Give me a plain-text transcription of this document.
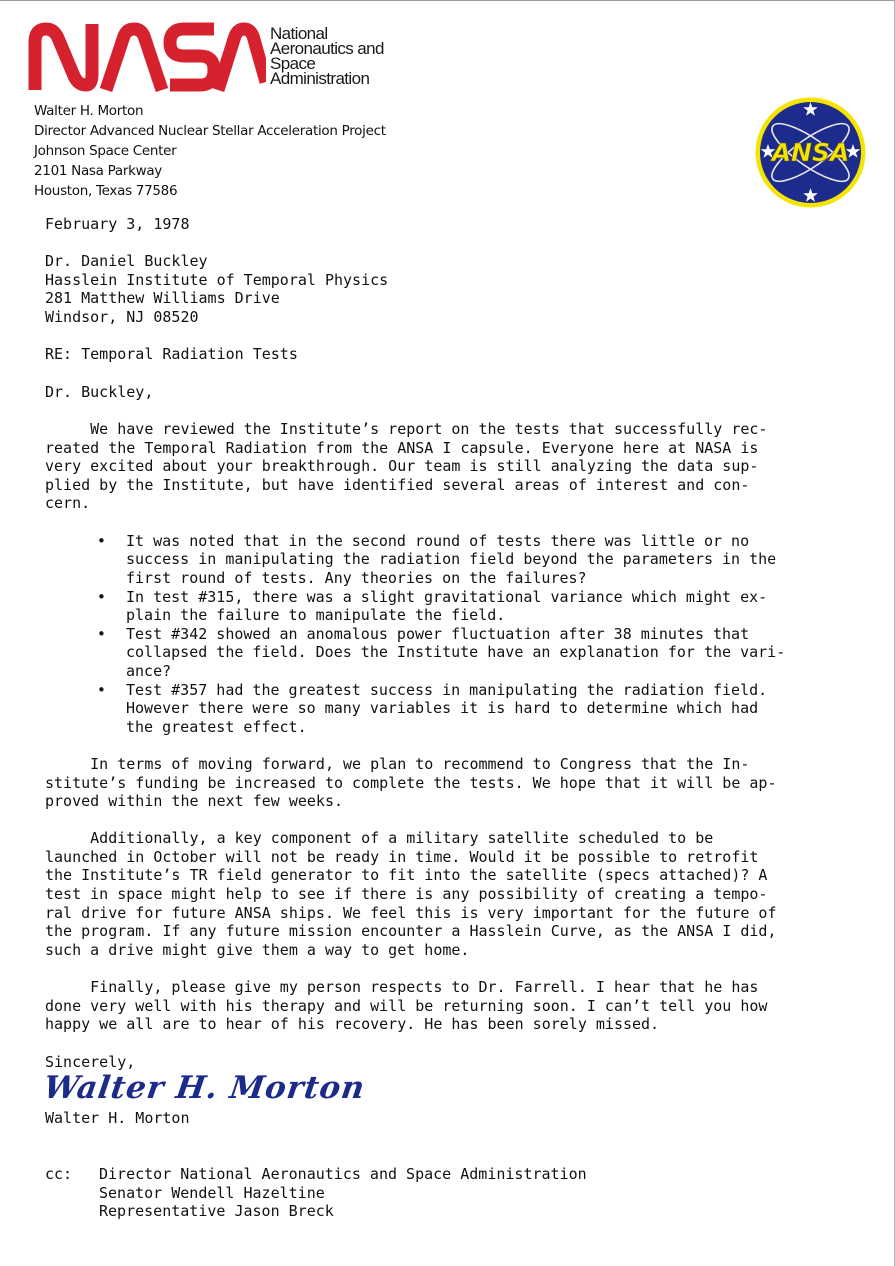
National
Aeronautics and
Space
Administration
Walter H. Morton
Director Advanced Nuclear Stellar Acceleration Project
Johnson Space Center
2101 Nasa Parkway
Houston, Texas 77586
ANSA
February 3, 1978
Dr. Daniel Buckley
Hasslein Institute of Temporal Physics
281 Matthew Williams Drive
Windsor, NJ 08520
RE: Temporal Radiation Tests
Dr. Buckley,
We have reviewed the Institute’s report on the tests that successfully rec-
reated the Temporal Radiation from the ANSA I capsule. Everyone here at NASA is
very excited about your breakthrough. Our team is still analyzing the data sup-
plied by the Institute, but have identified several areas of interest and con-
cern.
• It was noted that in the second round of tests there was little or no
success in manipulating the radiation field beyond the parameters in the
first round of tests. Any theories on the failures?
• In test #315, there was a slight gravitational variance which might ex-
plain the failure to manipulate the field.
• Test #342 showed an anomalous power fluctuation after 38 minutes that
collapsed the field. Does the Institute have an explanation for the vari-
ance?
• Test #357 had the greatest success in manipulating the radiation field.
However there were so many variables it is hard to determine which had
the greatest effect.
In terms of moving forward, we plan to recommend to Congress that the In-
stitute’s funding be increased to complete the tests. We hope that it will be ap-
proved within the next few weeks.
Additionally, a key component of a military satellite scheduled to be
launched in October will not be ready in time. Would it be possible to retrofit
the Institute’s TR field generator to fit into the satellite (specs attached)? A
test in space might help to see if there is any possibility of creating a tempo-
ral drive for future ANSA ships. We feel this is very important for the future of
the program. If any future mission encounter a Hasslein Curve, as the ANSA I did,
such a drive might give them a way to get home.
Finally, please give my person respects to Dr. Farrell. I hear that he has
done very well with his therapy and will be returning soon. I can’t tell you how
happy we all are to hear of his recovery. He has been sorely missed.
Sincerely,
Walter H. Morton
cc: Director National Aeronautics and Space Administration
Senator Wendell Hazeltine
Representative Jason Breck
Walter H. Morton
